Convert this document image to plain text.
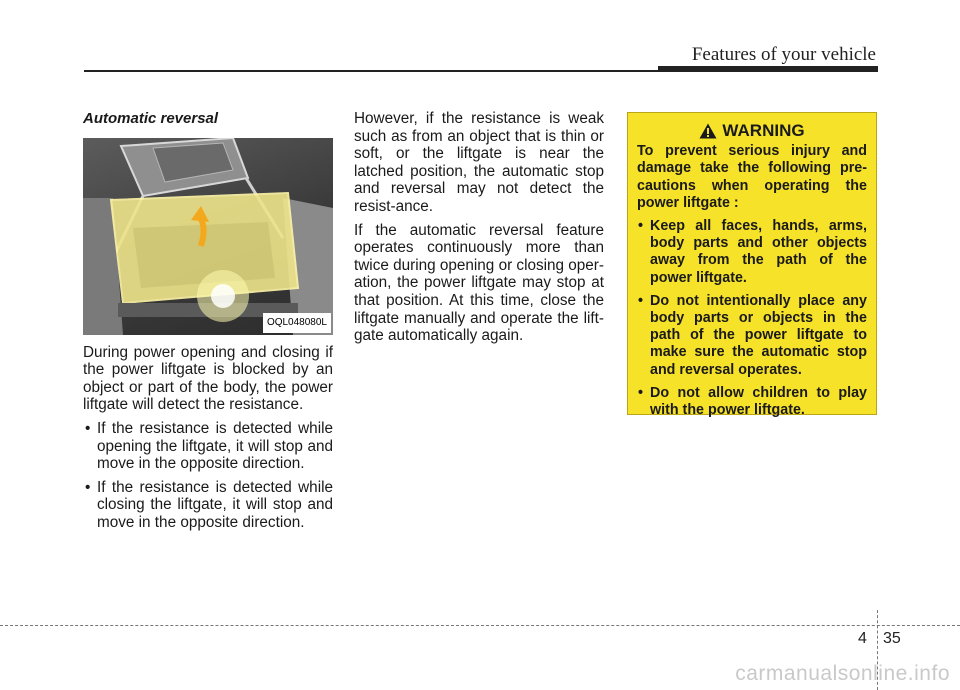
Features of your vehicle
Automatic reversal
OQL048080L

During power opening and closing if the power liftgate is blocked by an object or part of the body, the power liftgate will detect the resistance.

• If the resistance is detected while opening the liftgate, it will stop and move in the opposite direction.
• If the resistance is detected while closing the liftgate, it will stop and move in the opposite direction.

However, if the resistance is weak such as from an object that is thin or soft, or the liftgate is near the latched position, the automatic stop and reversal may not detect the resist-ance.

If the automatic reversal feature operates continuously more than twice during opening or closing oper-ation, the power liftgate may stop at that position. At this time, close the liftgate manually and operate the lift-gate automatically again.

WARNING

To prevent serious injury and damage take the following pre-cautions when operating the power liftgate :

• Keep all faces, hands, arms, body parts and other objects away from the path of the power liftgate.
• Do not intentionally place any body parts or objects in the path of the power liftgate to make sure the automatic stop and reversal operates.
• Do not allow children to play with the power liftgate.
4 35
carmanualsonline.info
